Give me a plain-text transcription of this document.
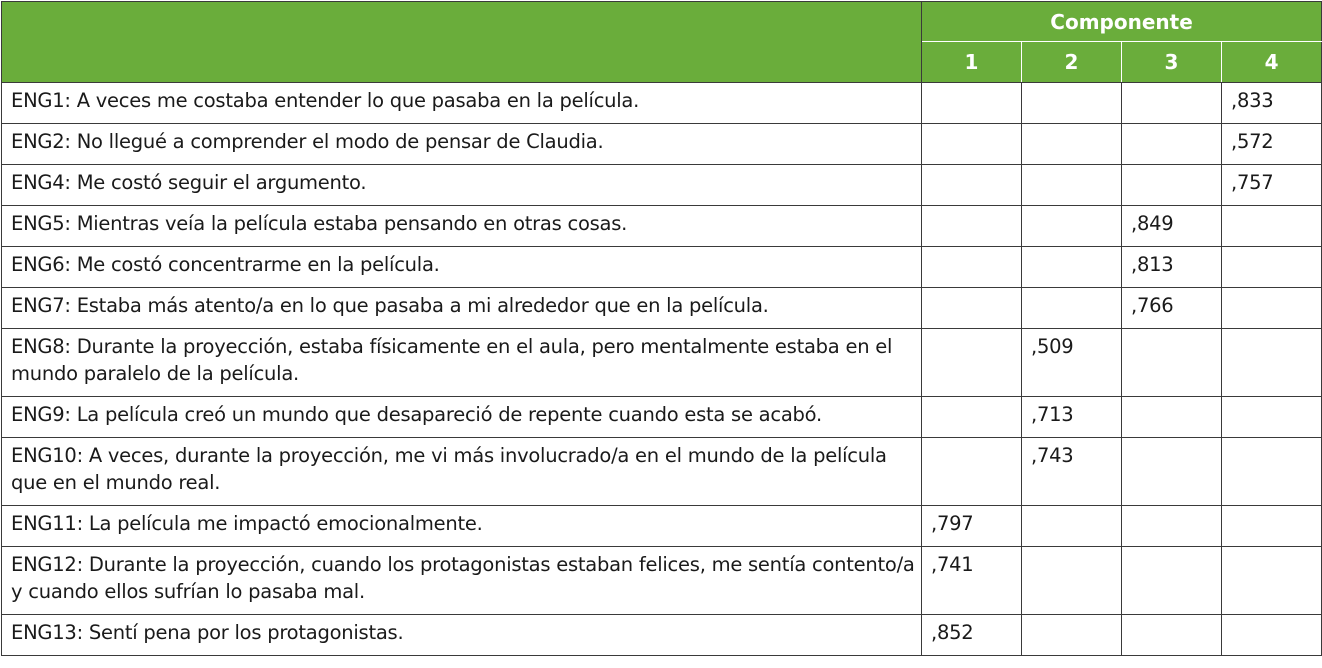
	Componente			
	1	2	3	4
ENG1: A veces me costaba entender lo que pasaba en la película.				,833
ENG2: No llegué a comprender el modo de pensar de Claudia.				,572
ENG4: Me costó seguir el argumento.				,757
ENG5: Mientras veía la película estaba pensando en otras cosas.			,849	
ENG6: Me costó concentrarme en la película.			,813	
ENG7: Estaba más atento/a en lo que pasaba a mi alrededor que en la película.			,766	
ENG8: Durante la proyección, estaba físicamente en el aula, pero mentalmente estaba en el mundo paralelo de la película.		,509		
ENG9: La película creó un mundo que desapareció de repente cuando esta se acabó.		,713		
ENG10: A veces, durante la proyección, me vi más involucrado/a en el mundo de la película que en el mundo real.		,743		
ENG11: La película me impactó emocionalmente.	,797			
ENG12: Durante la proyección, cuando los protagonistas estaban felices, me sentía contento/a y cuando ellos sufrían lo pasaba mal.	,741			
ENG13: Sentí pena por los protagonistas.	,852			
